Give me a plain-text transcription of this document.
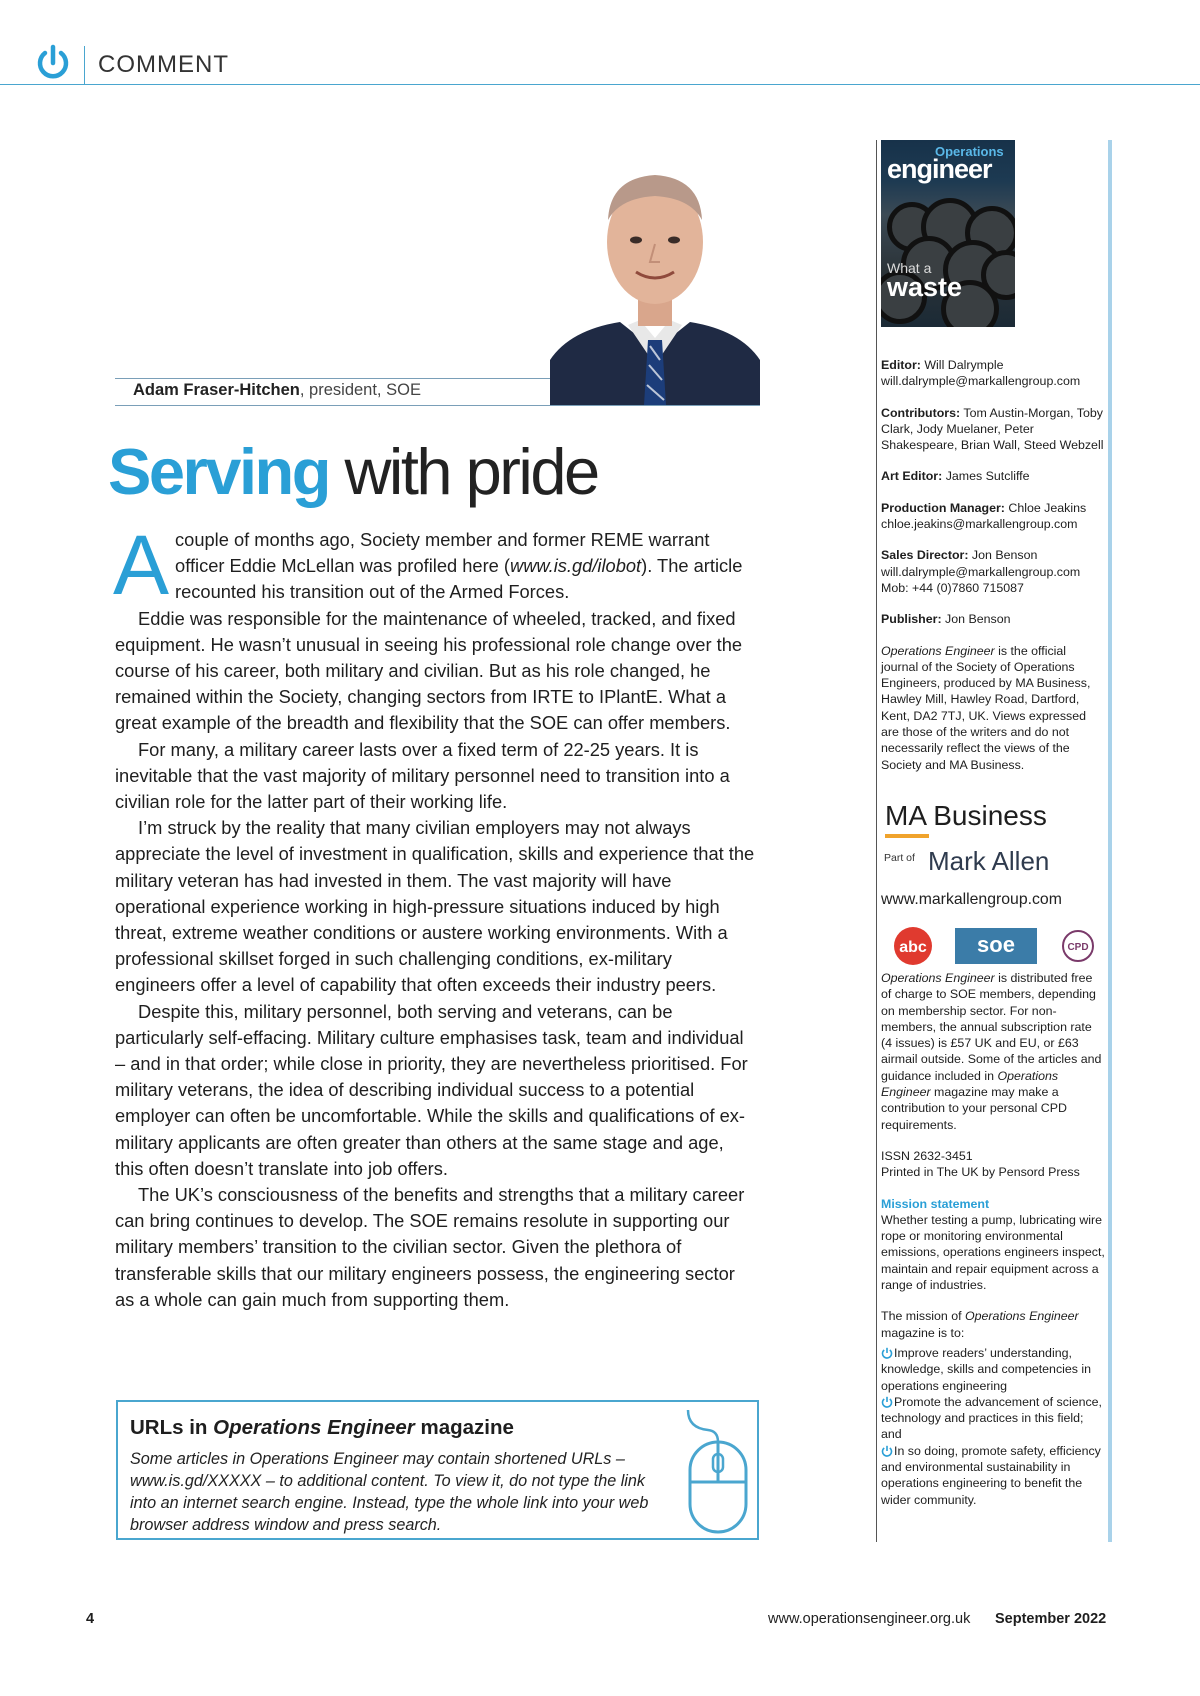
COMMENT
Adam Fraser-Hitchen, president, SOE
Serving with pride

Acouple of months ago, Society member and former REME warrant officer Eddie McLellan was profiled here (www.is.gd/ilobot). The article recounted his transition out of the Armed Forces.

Eddie was responsible for the maintenance of wheeled, tracked, and fixed equipment. He wasn’t unusual in seeing his professional role change over the course of his career, both military and civilian. But as his role changed, he remained within the Society, changing sectors from IRTE to IPlantE. What a great example of the breadth and flexibility that the SOE can offer members.

For many, a military career lasts over a fixed term of 22-25 years. It is inevitable that the vast majority of military personnel need to transition into a civilian role for the latter part of their working life.

I’m struck by the reality that many civilian employers may not always appreciate the level of investment in qualification, skills and experience that the military veteran has had invested in them. The vast majority will have operational experience working in high-pressure situations induced by high threat, extreme weather conditions or austere working environments. With a professional skillset forged in such challenging conditions, ex-military engineers offer a level of capability that often exceeds their industry peers.

Despite this, military personnel, both serving and veterans, can be particularly self-effacing. Military culture emphasises task, team and individual – and in that order; while close in priority, they are nevertheless prioritised. For military veterans, the idea of describing individual success to a potential employer can often be uncomfortable. While the skills and qualifications of ex-military applicants are often greater than others at the same stage and age, this often doesn’t translate into job offers.

The UK’s consciousness of the benefits and strengths that a military career can bring continues to develop. The SOE remains resolute in supporting our military members’ transition to the civilian sector. Given the plethora of transferable skills that our military engineers possess, the engineering sector as a whole can gain much from supporting them.

URLs in Operations Engineer magazine
Some articles in Operations Engineer may contain shortened URLs – www.is.gd/XXXXX – to additional content. To view it, do not type the link into an internet search engine. Instead, type the whole link into your web browser address window and press search.
Operations
engineer
What a
waste
Editor: Will Dalrymple
will.dalrymple@markallengroup.com
Contributors: Tom Austin-Morgan, Toby Clark, Jody Muelaner, Peter Shakespeare, Brian Wall, Steed Webzell
Art Editor: James Sutcliffe
Production Manager: Chloe Jeakins
chloe.jeakins@markallengroup.com
Sales Director: Jon Benson
will.dalrymple@markallengroup.com
Mob: +44 (0)7860 715087
Publisher: Jon Benson
Operations Engineer is the official journal of the Society of Operations Engineers, produced by MA Business, Hawley Mill, Hawley Road, Dartford, Kent, DA2 7TJ, UK. Views expressed are those of the writers and do not necessarily reflect the views of the Society and MA Business.
MA Business
Part of Mark Allen
www.markallengroup.com
abc soe	CPD
Operations Engineer is distributed free of charge to SOE members, depending on membership sector. For non-members, the annual subscription rate (4 issues) is £57 UK and EU, or £63 airmail outside. Some of the articles and guidance included in Operations Engineer magazine may make a contribution to your personal CPD requirements.
ISSN 2632-3451
Printed in The UK by Pensord Press
Mission statement
Whether testing a pump, lubricating wire rope or monitoring environmental emissions, operations engineers inspect, maintain and repair equipment across a range of industries.
The mission of Operations Engineer magazine is to:
Improve readers’ understanding, knowledge, skills and competencies in operations engineering
Promote the advancement of science, technology and practices in this field; and
In so doing, promote safety, efficiency and environmental sustainability in operations engineering to benefit the wider community.
4	www.operationsengineer.org.uk September 2022
